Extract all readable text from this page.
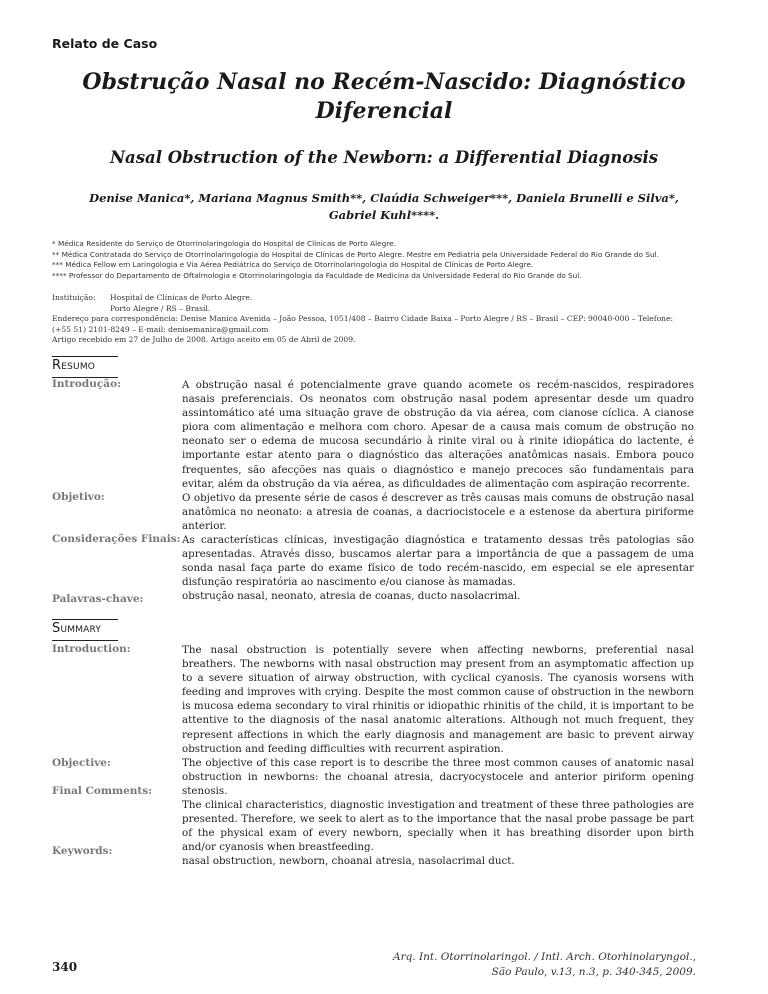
Relato de Caso
Obstrução Nasal no Recém-Nascido: Diagnóstico
Diferencial
Nasal Obstruction of the Newborn: a Differential Diagnosis
Denise Manica*, Mariana Magnus Smith**, Claúdia Schweiger***, Daniela Brunelli e Silva*,
Gabriel Kuhl****.
* Médica Residente do Serviço de Otorrinolaringologia do Hospital de Clínicas de Porto Alegre.
** Médica Contratada do Serviço de Otorrinolaringologia do Hospital de Clínicas de Porto Alegre. Mestre em Pediatria pela Universidade Federal do Rio Grande do Sul.
*** Médica Fellow em Laringologia e Via Aérea Pediátrica do Serviço de Otorrinolaringologia do Hospital de Clínicas de Porto Alegre.
**** Professor do Departamento de Oftalmologia e Otorrinolaringologia da Faculdade de Medicina da Universidade Federal do Rio Grande do Sul.
Instituição:	Hospital de Clínicas de Porto Alegre.
Porto Alegre / RS – Brasil.
Endereço para correspondência: Denise Manica Avenida – João Pessoa, 1051/408 – Bairro Cidade Baixa – Porto Alegre / RS – Brasil – CEP: 90040-000 – Telefone:
(+55 51) 2101-8249 – E-mail: denisemanica@gmail.com
Artigo recebido em 27 de Julho de 2008. Artigo aceito em 05 de Abril de 2009.
Resumo
Introdução:
Objetivo:
Considerações Finais:
Palavras-chave:

A obstrução nasal é potencialmente grave quando acomete os recém-nascidos, respiradores nasais preferenciais. Os neonatos com obstrução nasal podem apresentar desde um quadro assintomático até uma situação grave de obstrução da via aérea, com cianose cíclica. A cianose piora com alimentação e melhora com choro. Apesar de a causa mais comum de obstrução no neonato ser o edema de mucosa secundário à rinite viral ou à rinite idiopática do lactente, é importante estar atento para o diagnóstico das alterações anatômicas nasais. Embora pouco frequentes, são afecções nas quais o diagnóstico e manejo precoces são fundamentais para evitar, além da obstrução da via aérea, as dificuldades de alimentação com aspiração recorrente.

O objetivo da presente série de casos é descrever as três causas mais comuns de obstrução nasal anatômica no neonato: a atresia de coanas, a dacriocistocele e a estenose da abertura piriforme anterior.

As características clínicas, investigação diagnóstica e tratamento dessas três patologias são apresentadas. Através disso, buscamos alertar para a importância de que a passagem de uma sonda nasal faça parte do exame físico de todo recém-nascido, em especial se ele apresentar disfunção respiratória ao nascimento e/ou cianose às mamadas.

obstrução nasal, neonato, atresia de coanas, ducto nasolacrimal.

Summary
Introduction:
Objective:
Final Comments:
Keywords:

The nasal obstruction is potentially severe when affecting newborns, preferential nasal breathers. The newborns with nasal obstruction may present from an asymptomatic affection up to a severe situation of airway obstruction, with cyclical cyanosis. The cyanosis worsens with feeding and improves with crying. Despite the most common cause of obstruction in the newborn is mucosa edema secondary to viral rhinitis or idiopathic rhinitis of the child, it is important to be attentive to the diagnosis of the nasal anatomic alterations. Although not much frequent, they represent affections in which the early diagnosis and management are basic to prevent airway obstruction and feeding difficulties with recurrent aspiration.

The objective of this case report is to describe the three most common causes of anatomic nasal obstruction in newborns: the choanal atresia, dacryocystocele and anterior piriform opening stenosis.

The clinical characteristics, diagnostic investigation and treatment of these three pathologies are presented. Therefore, we seek to alert as to the importance that the nasal probe passage be part of the physical exam of every newborn, specially when it has breathing disorder upon birth and/or cyanosis when breastfeeding.

nasal obstruction, newborn, choanal atresia, nasolacrimal duct.

340
Arq. Int. Otorrinolaringol. / Intl. Arch. Otorhinolaryngol.,
São Paulo, v.13, n.3, p. 340-345, 2009.
